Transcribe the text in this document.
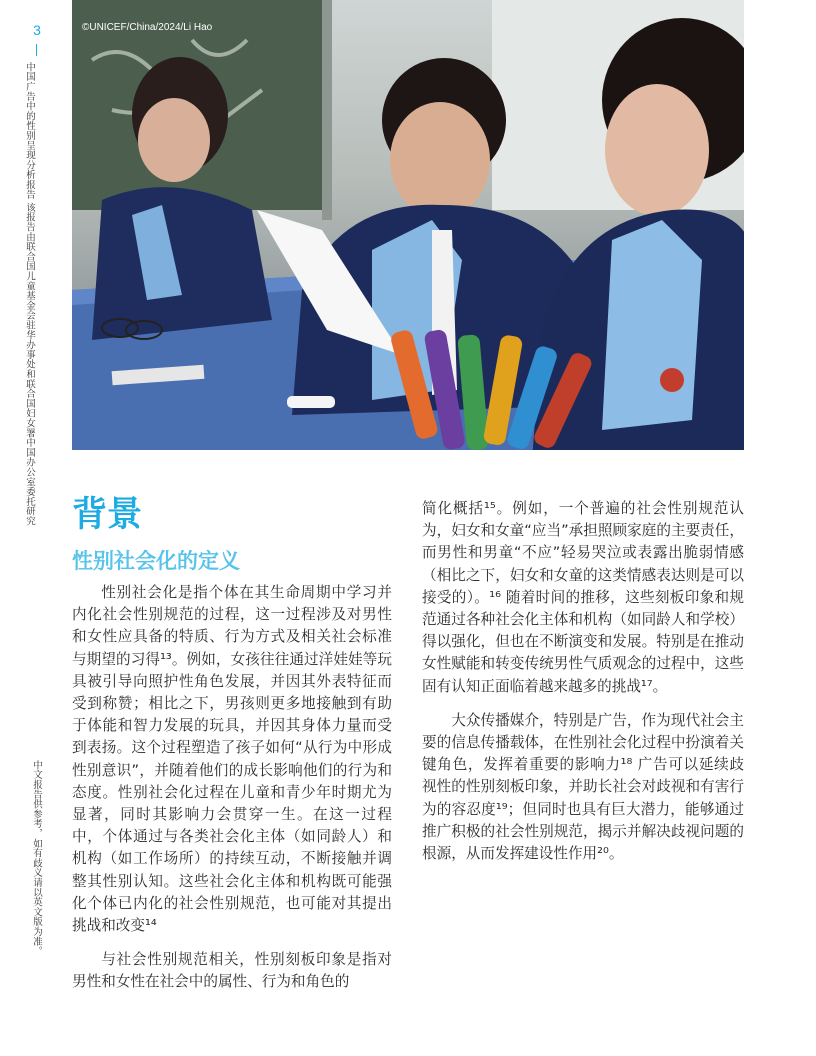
3
中国广告中的性别呈现分析报告 该报告由联合国儿童基金会驻华办事处和联合国妇女署中国办公室委托研究
中文报告供参考，如有歧义请以英文版为准。
©UNICEF/China/2024/Li Hao
背景
性别社会化的定义

性别社会化是指个体在其生命周期中学习并内化社会性别规范的过程，这一过程涉及对男性和女性应具备的特质、行为方式及相关社会标准与期望的习得¹³。例如，女孩往往通过洋娃娃等玩具被引导向照护性角色发展，并因其外表特征而受到称赞；相比之下，男孩则更多地接触到有助于体能和智力发展的玩具，并因其身体力量而受到表扬。这个过程塑造了孩子如何“从行为中形成性别意识”，并随着他们的成长影响他们的行为和态度。性别社会化过程在儿童和青少年时期尤为显著，同时其影响力会贯穿一生。在这一过程中，个体通过与各类社会化主体（如同龄人）和机构（如工作场所）的持续互动，不断接触并调整其性别认知。这些社会化主体和机构既可能强化个体已内化的社会性别规范，也可能对其提出挑战和改变¹⁴

与社会性别规范相关，性别刻板印象是指对男性和女性在社会中的属性、行为和角色的

简化概括¹⁵。例如，一个普遍的社会性别规范认为，妇女和女童“应当”承担照顾家庭的主要责任，而男性和男童“不应”轻易哭泣或表露出脆弱情感（相比之下，妇女和女童的这类情感表达则是可以接受的）。¹⁶ 随着时间的推移，这些刻板印象和规范通过各种社会化主体和机构（如同龄人和学校）得以强化，但也在不断演变和发展。特别是在推动女性赋能和转变传统男性气质观念的过程中，这些固有认知正面临着越来越多的挑战¹⁷。

大众传播媒介，特别是广告，作为现代社会主要的信息传播载体，在性别社会化过程中扮演着关键角色，发挥着重要的影响力¹⁸ 广告可以延续歧视性的性别刻板印象，并助长社会对歧视和有害行为的容忍度¹⁹；但同时也具有巨大潜力，能够通过推广积极的社会性别规范，揭示并解决歧视问题的根源，从而发挥建设性作用²⁰。
